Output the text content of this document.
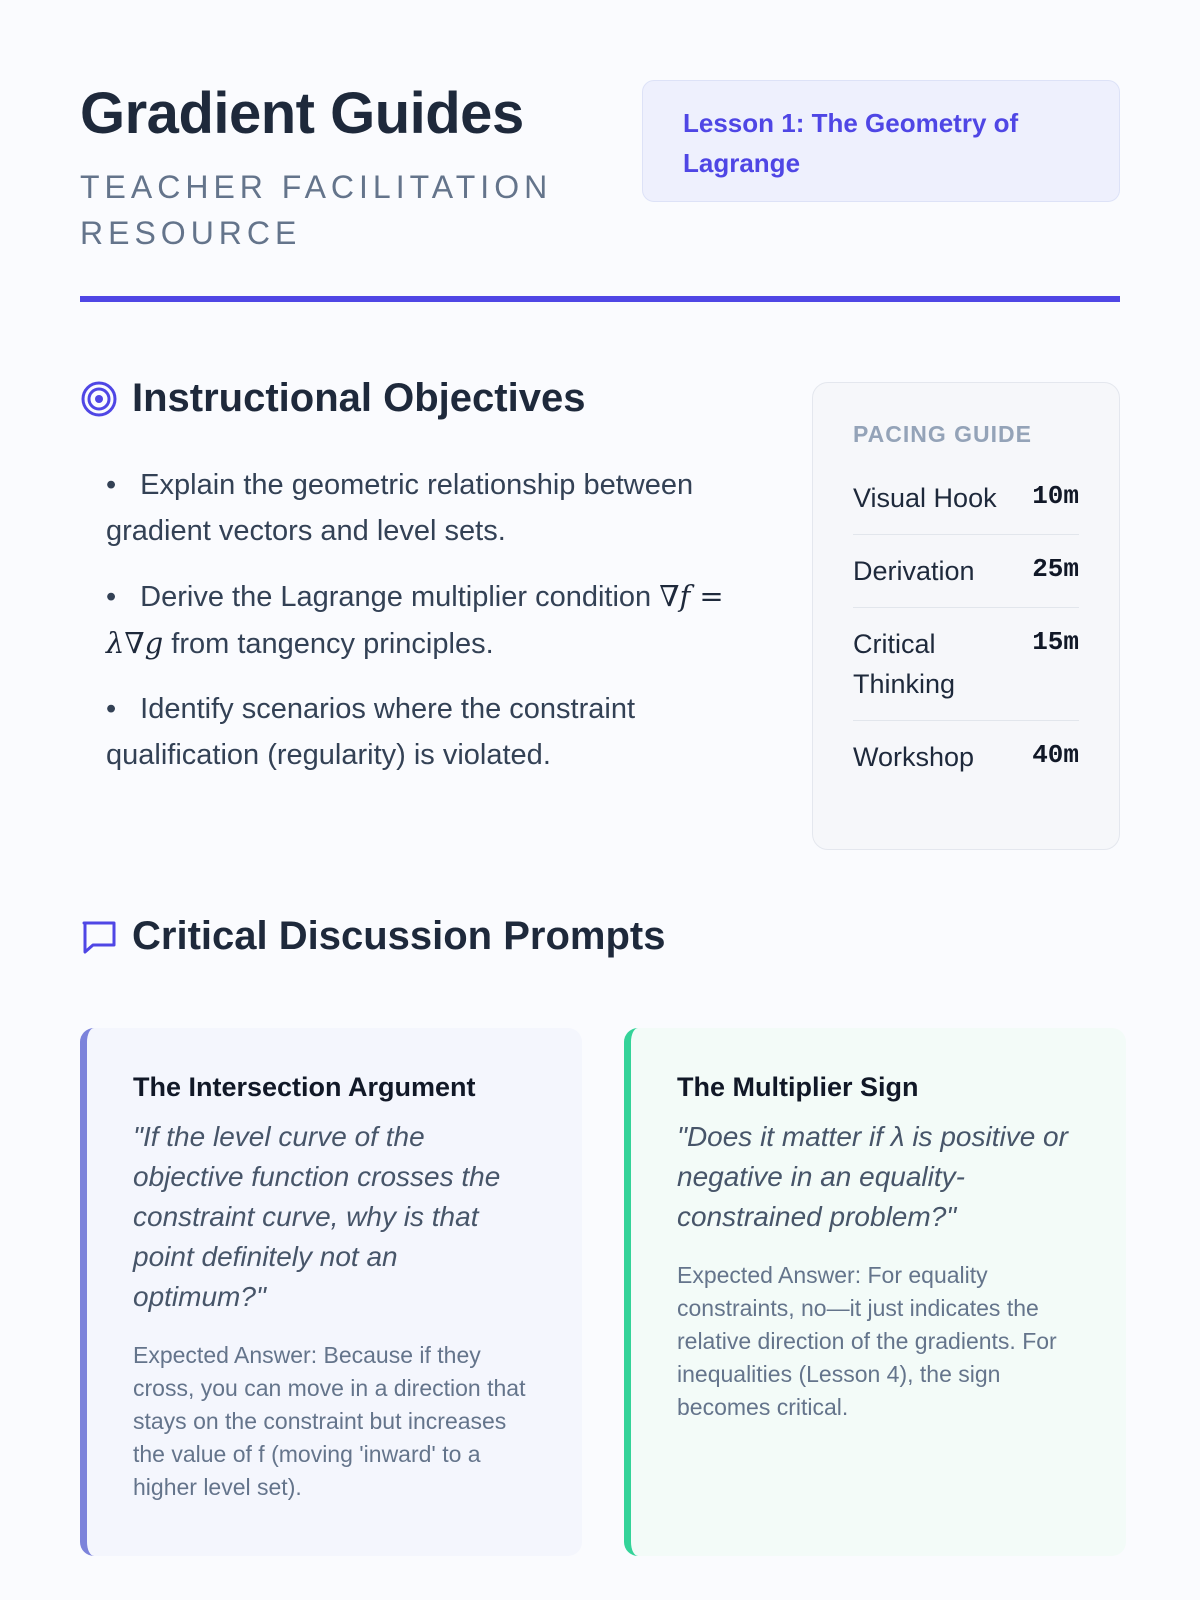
Gradient Guides
TEACHER FACILITATION RESOURCE
Lesson 1: The Geometry of Lagrange
Instructional Objectives
• Explain the geometric relationship between gradient vectors and level sets.
• Derive the Lagrange multiplier condition ∇f = λ∇g from tangency principles.
• Identify scenarios where the constraint qualification (regularity) is violated.
PACING GUIDE
Visual Hook 10m
Derivation	25m
Critical Thinking
15m
Workshop	40m
Critical Discussion Prompts
The Intersection Argument
"If the level curve of the objective function crosses the constraint curve, why is that point definitely not an optimum?"
Expected Answer: Because if they cross, you can move in a direction that stays on the constraint but increases the value of f (moving 'inward' to a higher level set).
The Multiplier Sign
"Does it matter if λ is positive or negative in an equality-constrained problem?"
Expected Answer: For equality constraints, no—it just indicates the relative direction of the gradients. For inequalities (Lesson 4), the sign becomes critical.
